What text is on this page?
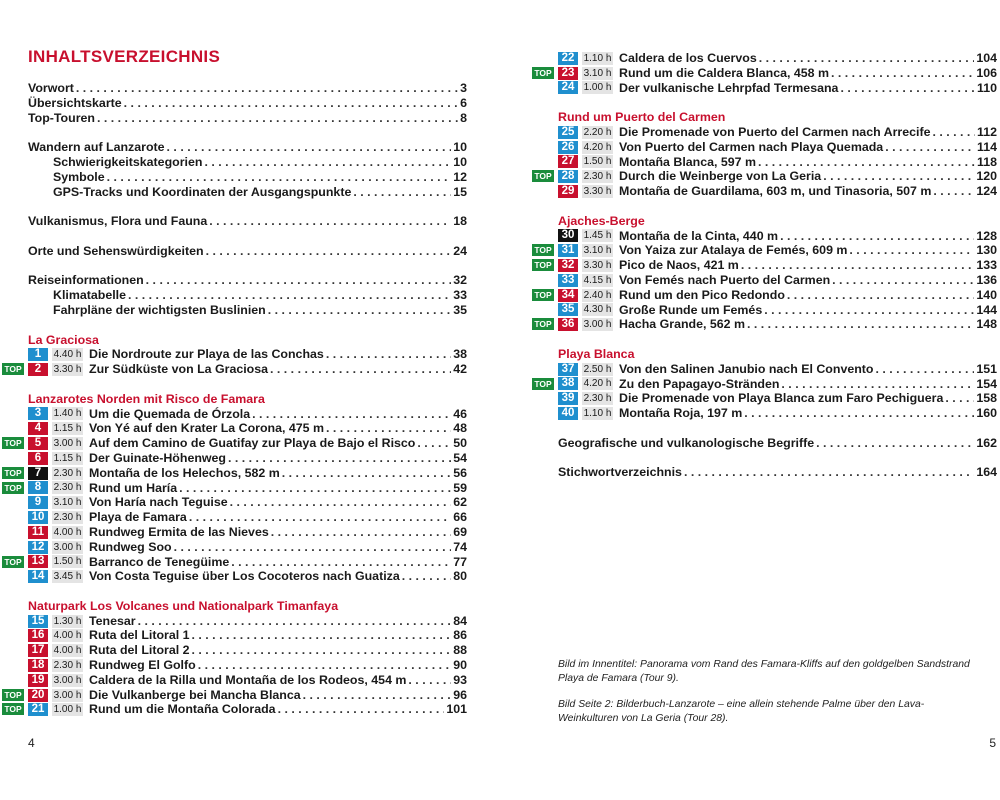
INHALTSVERZEICHNIS
Vorwort . . .	3
Übersichtskarte . . .	6
Top-Touren . . .	8
Wandern auf Lanzarote . . .	10
Schwierigkeitskategorien . . .	10
Symbole . . .	12
GPS-Tracks und Koordinaten der Ausgangspunkte . . .	15
Vulkanismus, Flora und Fauna . . .	18
Orte und Sehenswürdigkeiten . . .	24
Reiseinformationen . . .	32
Klimatabelle . . .	33
Fahrpläne der wichtigsten Buslinien . . .	35
La Graciosa
1	4.40 h Die Nordroute zur Playa de las Conchas . . .	38
TOP	2	3.30 h Zur Südküste von La Graciosa . . .	42
Lanzarotes Norden mit Risco de Famara
3	1.40 h Um die Quemada de Órzola . . .	46
4	1.15 h Von Yé auf den Krater La Corona, 475 m . . .	48
TOP	5	3.00 h Auf dem Camino de Guatifay zur Playa de Bajo el Risco . . .	50
6	1.15 h Der Guinate-Höhenweg . . .	54
TOP	7	2.30 h Montaña de los Helechos, 582 m . . .	56
TOP	8	2.30 h Rund um Haría . . .	59
9	3.10 h Von Haría nach Teguise . . .	62
10 2.30 h Playa de Famara . . .	66
11 4.00 h Rundweg Ermita de las Nieves . . .	69
12 3.00 h Rundweg Soo . . .	74
TOP 13 1.50 h Barranco de Tenegüime . . .	77
14 3.45 h Von Costa Teguise über Los Cocoteros nach Guatiza . . .	80
Naturpark Los Volcanes und Nationalpark Timanfaya
15 1.30 h Tenesar . . .	84
16 4.00 h Ruta del Litoral 1 . . .	86
17 4.00 h Ruta del Litoral 2 . . .	88
18 2.30 h Rundweg El Golfo . . .	90
19 3.00 h Caldera de la Rilla und Montaña de los Rodeos, 454 m . . .	93
TOP 20 3.00 h Die Vulkanberge bei Mancha Blanca . . .	96
TOP 21 1.00 h Rund um die Montaña Colorada . . .	101
4
22 1.10 h Caldera de los Cuervos . . .	104
TOP 23 3.10 h Rund um die Caldera Blanca, 458 m . . .	106
24 1.00 h Der vulkanische Lehrpfad Termesana . . .	110
Rund um Puerto del Carmen
25 2.20 h Die Promenade von Puerto del Carmen nach Arrecife . . .	112
26 4.20 h Von Puerto del Carmen nach Playa Quemada . . .	114
27 1.50 h Montaña Blanca, 597 m . . .	118
TOP 28 2.30 h Durch die Weinberge von La Geria . . .	120
29 3.30 h Montaña de Guardilama, 603 m, und Tinasoria, 507 m . . .	124
Ajaches-Berge
30 1.45 h Montaña de la Cinta, 440 m . . .	128
TOP 31 3.10 h Von Yaiza zur Atalaya de Femés, 609 m . . .	130
TOP 32 3.30 h Pico de Naos, 421 m . . .	133
33 4.15 h Von Femés nach Puerto del Carmen . . .	136
TOP 34 2.40 h Rund um den Pico Redondo . . .	140
35 4.30 h Große Runde um Femés . . .	144
TOP 36 3.00 h Hacha Grande, 562 m . . .	148
Playa Blanca
37 2.50 h Von den Salinen Janubio nach El Convento . . .	151
TOP 38 4.20 h Zu den Papagayo-Stränden . . .	154
39 2.30 h Die Promenade von Playa Blanca zum Faro Pechiguera . . .	158
40 1.10 h Montaña Roja, 197 m . . .	160
Geografische und vulkanologische Begriffe . . .	162
Stichwortverzeichnis . . .	164
Bild im Innentitel: Panorama vom Rand des Famara-Kliffs auf den goldgelben Sandstrand Playa de Famara (Tour 9).
Bild Seite 2: Bilderbuch-Lanzarote – eine allein stehende Palme über den Lava-Weinkulturen von La Geria (Tour 28).
5
